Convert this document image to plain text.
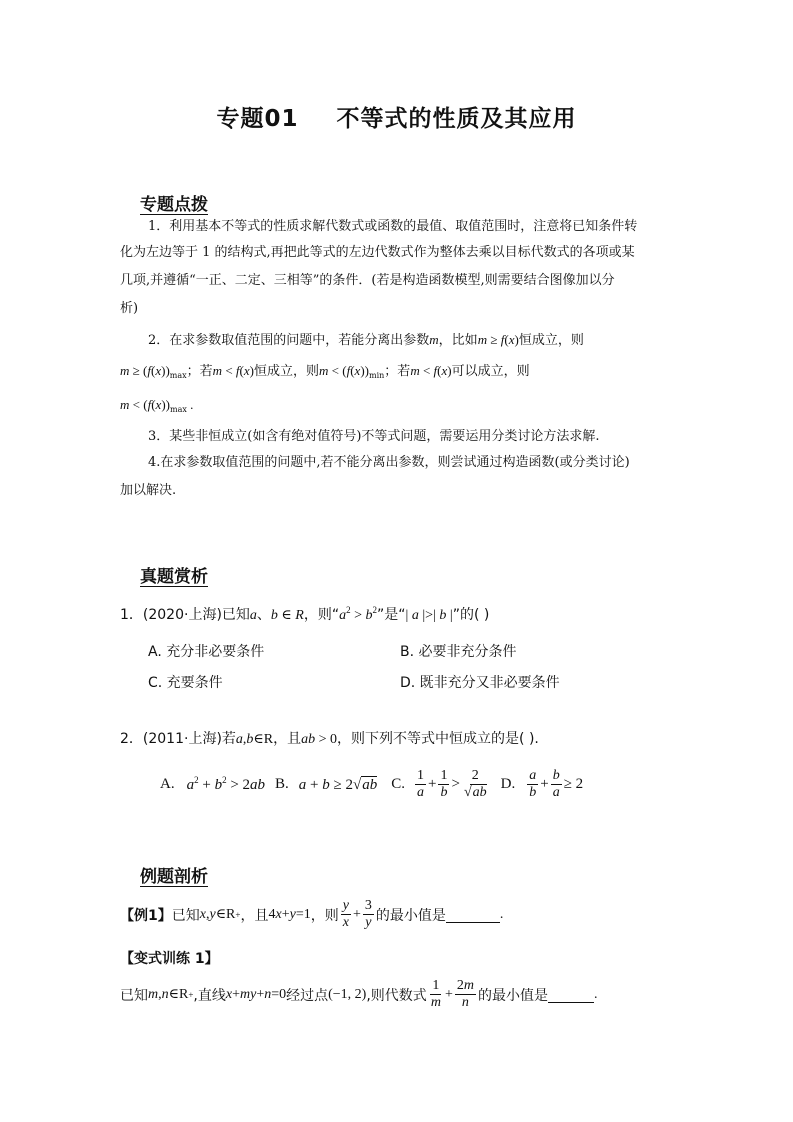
专题01 不等式的性质及其应用
专题点拨
1．利用基本不等式的性质求解代数式或函数的最值、取值范围时，注意将已知条件转
化为左边等于 1 的结构式,再把此等式的左边代数式作为整体去乘以目标代数式的各项或某
几项,并遵循“一正、二定、三相等”的条件．(若是构造函数模型,则需要结合图像加以分
析)
2．在求参数取值范围的问题中，若能分离出参数m，比如m ≥ f(x)恒成立，则
$m \ge (f(x))_{max}$；若m < f(x)恒成立，则$m < (f(x))_{min}$；若m < f(x)可以成立，则
$m < (f(x))_{max}$ .
3．某些非恒成立(如含有绝对值符号)不等式问题，需要运用分类讨论方法求解.
4.在求参数取值范围的问题中,若不能分离出参数，则尝试通过构造函数(或分类讨论)
加以解决.
真题赏析
1．(2020·上海)已知a、b ∈ R，则“$a^2 > b^2$”是“| a |>| b |”的( )
A. 充分非必要条件	B. 必要非充分条件
C. 充要条件	D. 既非充分又非必要条件
2．(2011·上海)若a,b∈R，且ab > 0，则下列不等式中恒成立的是( ).
A. $a^2 + b^2 > 2ab$ B. a + b ≥ 2√ab C. $\frac{1}{a} + \frac{1}{b} > \frac{2}{√ab} D$. $\frac{a}{b} + \frac{b}{a} \ge 2$
例题剖析
【例1】 已知 x , y ∈R + ，且 4 x + y =1 ，则 $\frac{y}{x} + \frac{3}{y}$ 的最小值是
	.
【变式训练 1】
已知 m , n ∈R + ,直线 x + my + n =0 经过点 (−1, 2) ,则代数式 $\frac{1}{m} + \frac{2m}{n}$ 的最小值是
	.
